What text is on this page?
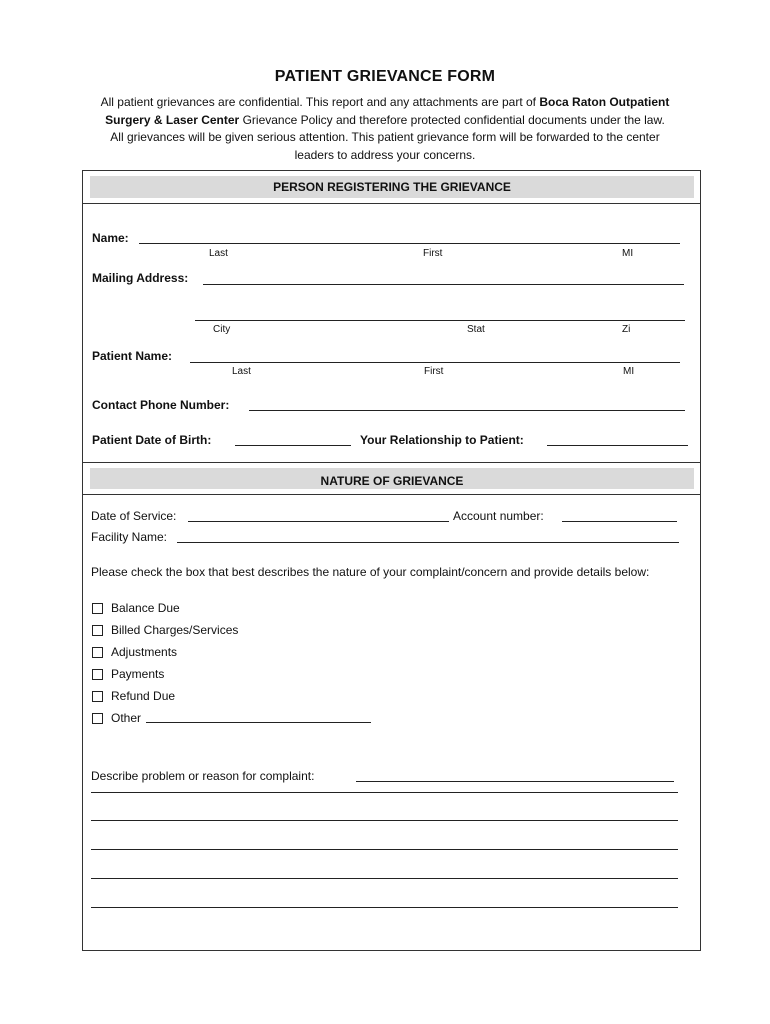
PATIENT GRIEVANCE FORM
All patient grievances are confidential. This report and any attachments are part of Boca Raton Outpatient Surgery & Laser Center Grievance Policy and therefore protected confidential documents under the law. All grievances will be given serious attention. This patient grievance form will be forwarded to the center leaders to address your concerns.
PERSON REGISTERING THE GRIEVANCE
Name:
Last	First	MI
Mailing Address:
City	Stat	Zi
Patient Name:
Last	First	MI
Contact Phone Number:
Patient Date of Birth:	Your Relationship to Patient:
NATURE OF GRIEVANCE
Date of Service:	Account number:
Facility Name:
Please check the box that best describes the nature of your complaint/concern and provide details below:
Balance Due
Billed Charges/Services
Adjustments
Payments
Refund Due
Other
Describe problem or reason for complaint:
